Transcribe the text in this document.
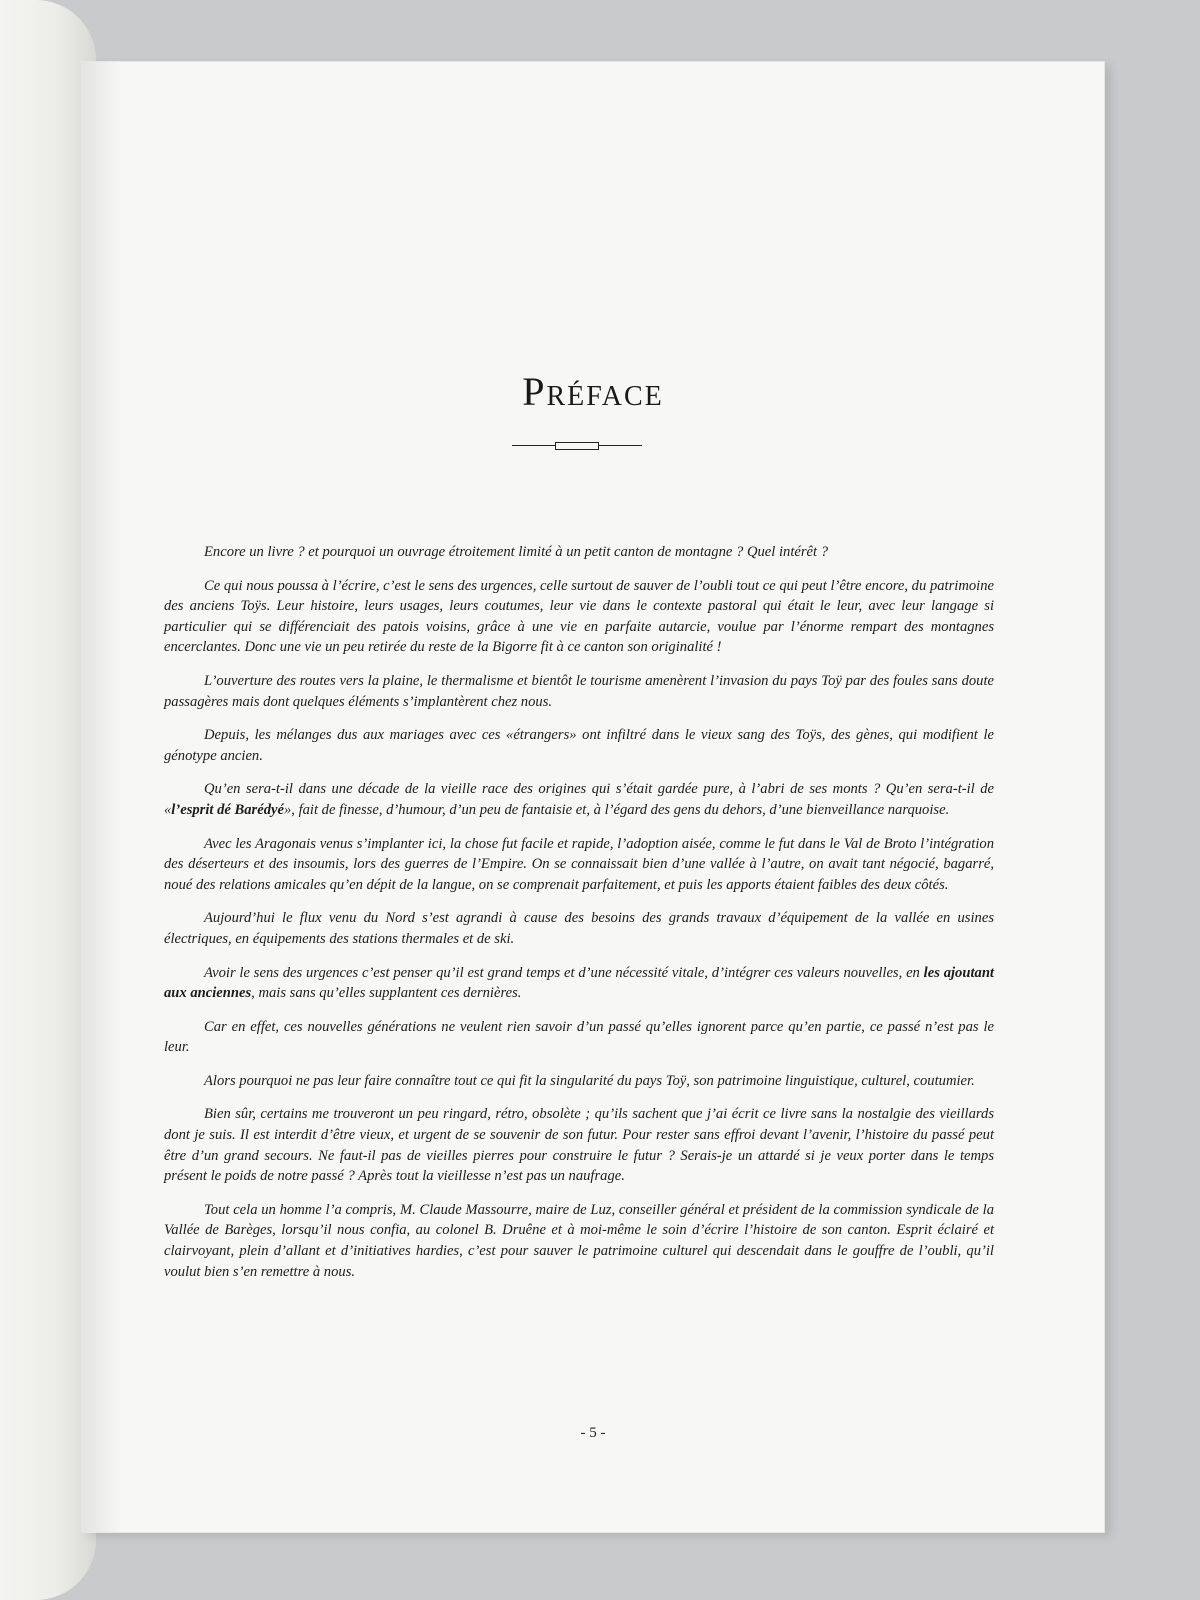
Préface

Encore un livre ? et pourquoi un ouvrage étroitement limité à un petit canton de montagne ? Quel intérêt ?

Ce qui nous poussa à l’écrire, c’est le sens des urgences, celle surtout de sauver de l’oubli tout ce qui peut l’être encore, du patrimoine des anciens Toÿs. Leur histoire, leurs usages, leurs coutumes, leur vie dans le contexte pastoral qui était le leur, avec leur langage si particulier qui se différenciait des patois voisins, grâce à une vie en parfaite autarcie, voulue par l’énorme rempart des montagnes encerclantes. Donc une vie un peu retirée du reste de la Bigorre fit à ce canton son originalité !

L’ouverture des routes vers la plaine, le thermalisme et bientôt le tourisme amenèrent l’invasion du pays Toÿ par des foules sans doute passagères mais dont quelques éléments s’implantèrent chez nous.

Depuis, les mélanges dus aux mariages avec ces «étrangers» ont infiltré dans le vieux sang des Toÿs, des gènes, qui modifient le génotype ancien.

Qu’en sera-t-il dans une décade de la vieille race des origines qui s’était gardée pure, à l’abri de ses monts ? Qu’en sera-t-il de «l’esprit dé Barédyé», fait de finesse, d’humour, d’un peu de fantaisie et, à l’égard des gens du dehors, d’une bienveillance narquoise.

Avec les Aragonais venus s’implanter ici, la chose fut facile et rapide, l’adoption aisée, comme le fut dans le Val de Broto l’intégration des déserteurs et des insoumis, lors des guerres de l’Empire. On se connaissait bien d’une vallée à l’autre, on avait tant négocié, bagarré, noué des relations amicales qu’en dépit de la langue, on se comprenait parfaitement, et puis les apports étaient faibles des deux côtés.

Aujourd’hui le flux venu du Nord s’est agrandi à cause des besoins des grands travaux d’équipement de la vallée en usines électriques, en équipements des stations thermales et de ski.

Avoir le sens des urgences c’est penser qu’il est grand temps et d’une nécessité vitale, d’intégrer ces valeurs nouvelles, en les ajoutant aux anciennes, mais sans qu’elles supplantent ces dernières.

Car en effet, ces nouvelles générations ne veulent rien savoir d’un passé qu’elles ignorent parce qu’en partie, ce passé n’est pas le leur.

Alors pourquoi ne pas leur faire connaître tout ce qui fit la singularité du pays Toÿ, son patrimoine linguistique, culturel, coutumier.

Bien sûr, certains me trouveront un peu ringard, rétro, obsolète ; qu’ils sachent que j’ai écrit ce livre sans la nostalgie des vieillards dont je suis. Il est interdit d’être vieux, et urgent de se souvenir de son futur. Pour rester sans effroi devant l’avenir, l’histoire du passé peut être d’un grand secours. Ne faut-il pas de vieilles pierres pour construire le futur ? Serais-je un attardé si je veux porter dans le temps présent le poids de notre passé ? Après tout la vieillesse n’est pas un naufrage.

Tout cela un homme l’a compris, M. Claude Massourre, maire de Luz, conseiller général et président de la commission syndicale de la Vallée de Barèges, lorsqu’il nous confia, au colonel B. Druêne et à moi-même le soin d’écrire l’histoire de son canton. Esprit éclairé et clairvoyant, plein d’allant et d’initiatives hardies, c’est pour sauver le patrimoine culturel qui descendait dans le gouffre de l’oubli, qu’il voulut bien s’en remettre à nous.

- 5 -
